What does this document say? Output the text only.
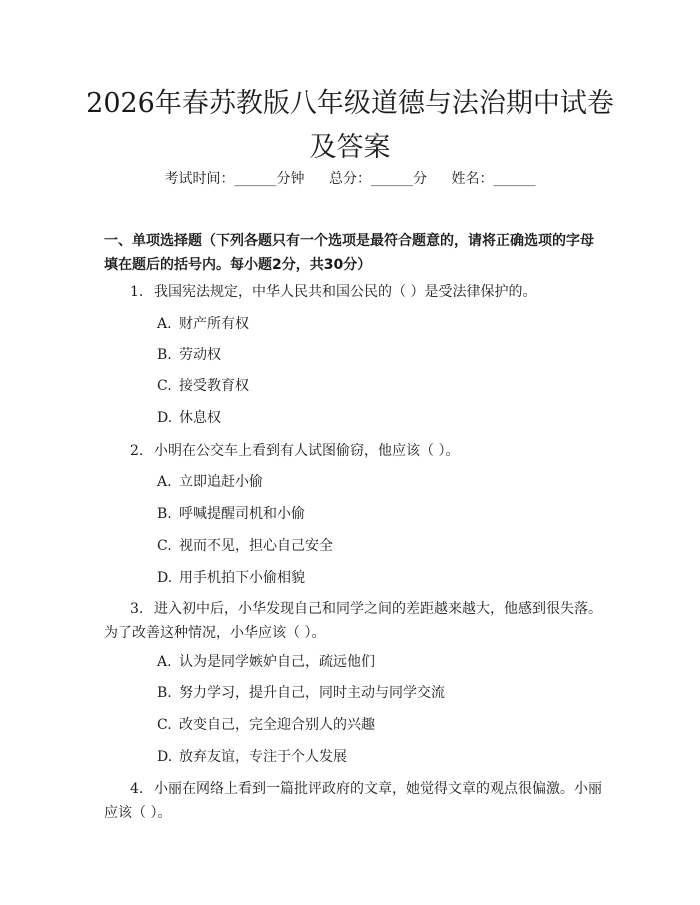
2026年春苏教版八年级道德与法治期中试卷
及答案
考试时间：______分钟 总分：______分 姓名：______
一、单项选择题（下列各题只有一个选项是最符合题意的，请将正确选项的字母填在题后的括号内。每小题2分，共30分）
1. 我国宪法规定，中华人民共和国公民的（ ）是受法律保护的。
A. 财产所有权
B. 劳动权
C. 接受教育权
D. 休息权
2. 小明在公交车上看到有人试图偷窃，他应该（ ）。
A. 立即追赶小偷
B. 呼喊提醒司机和小偷
C. 视而不见，担心自己安全
D. 用手机拍下小偷相貌
3. 进入初中后，小华发现自己和同学之间的差距越来越大，他感到很失落。为了改善这种情况，小华应该（ ）。
A. 认为是同学嫉妒自己，疏远他们
B. 努力学习，提升自己，同时主动与同学交流
C. 改变自己，完全迎合别人的兴趣
D. 放弃友谊，专注于个人发展
4. 小丽在网络上看到一篇批评政府的文章，她觉得文章的观点很偏激。小丽应该（ ）。
